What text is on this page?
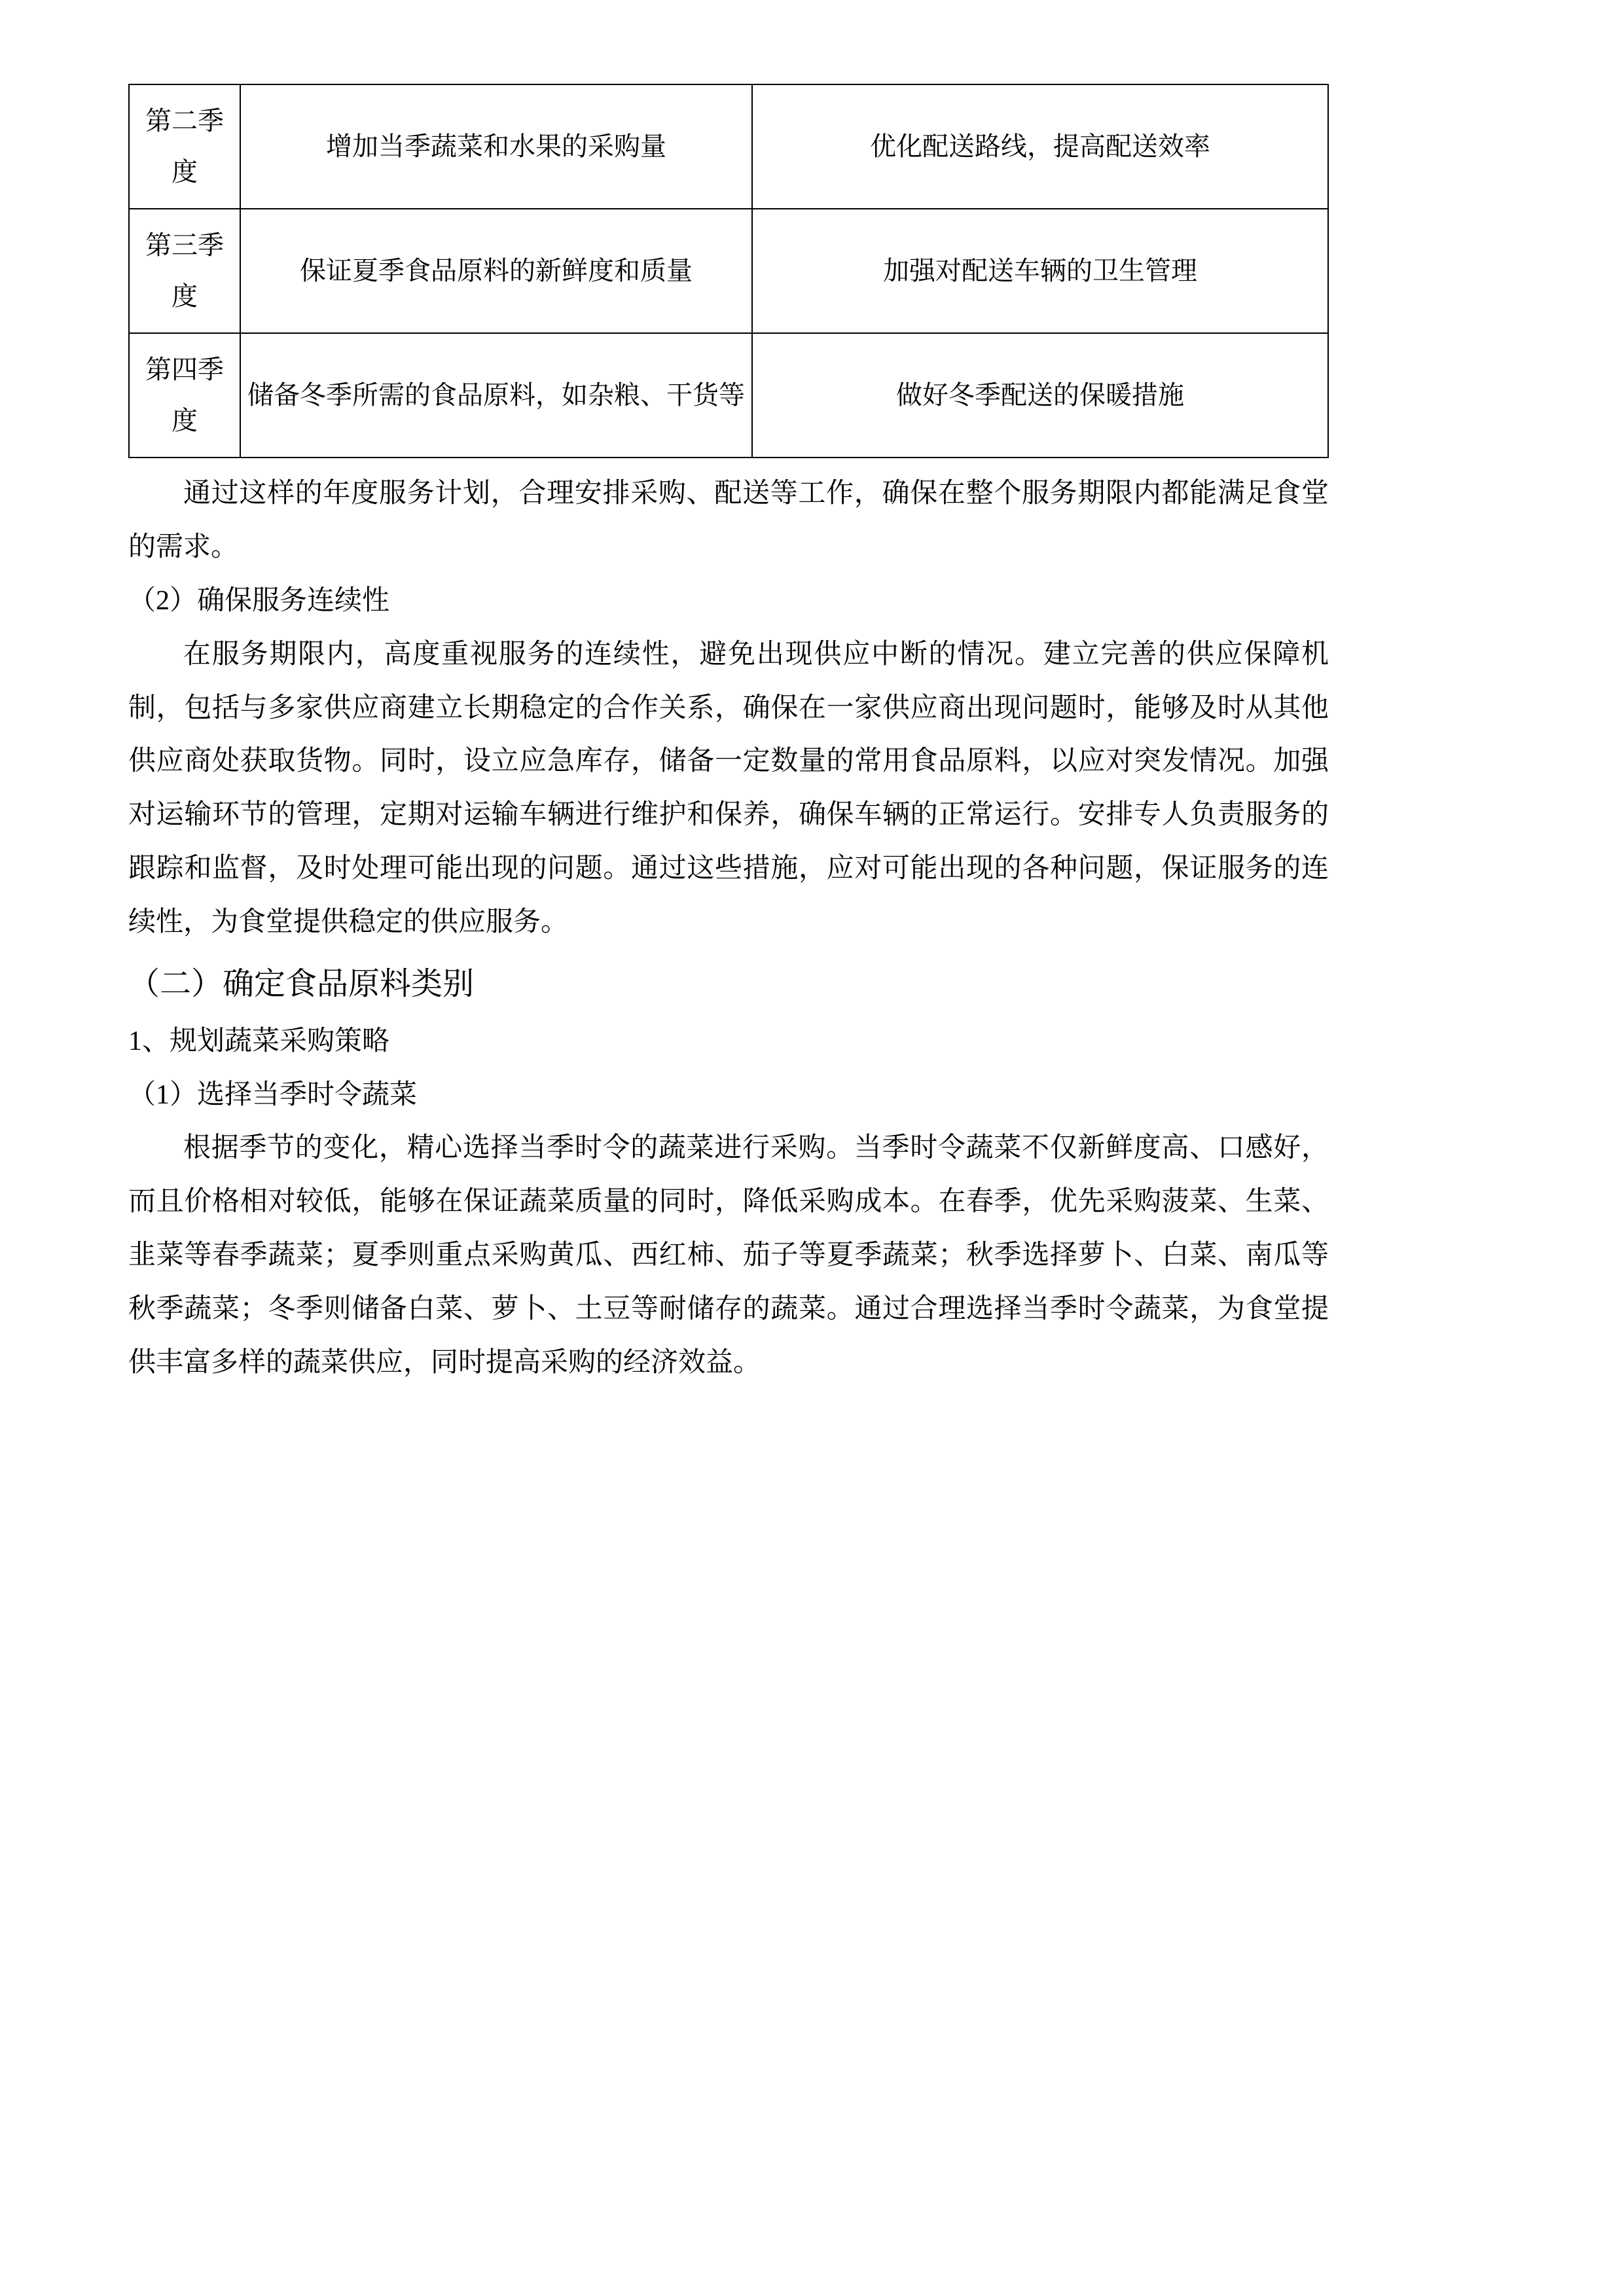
第二季度	增加当季蔬菜和水果的采购量	优化配送路线，提高配送效率
第三季度	保证夏季食品原料的新鲜度和质量	加强对配送车辆的卫生管理
第四季度	储备冬季所需的食品原料，如杂粮、干货等	做好冬季配送的保暖措施

通过这样的年度服务计划，合理安排采购、配送等工作，确保在整个服务期限内都能满足食堂的需求。

（2）确保服务连续性

在服务期限内，高度重视服务的连续性，避免出现供应中断的情况。建立完善的供应保障机制，包括与多家供应商建立长期稳定的合作关系，确保在一家供应商出现问题时，能够及时从其他供应商处获取货物。同时，设立应急库存，储备一定数量的常用食品原料，以应对突发情况。加强对运输环节的管理，定期对运输车辆进行维护和保养，确保车辆的正常运行。安排专人负责服务的跟踪和监督，及时处理可能出现的问题。通过这些措施，应对可能出现的各种问题，保证服务的连续性，为食堂提供稳定的供应服务。

（二）确定食品原料类别
1、规划蔬菜采购策略
（1）选择当季时令蔬菜

根据季节的变化，精心选择当季时令的蔬菜进行采购。当季时令蔬菜不仅新鲜度高、口感好，而且价格相对较低，能够在保证蔬菜质量的同时，降低采购成本。在春季，优先采购菠菜、生菜、韭菜等春季蔬菜；夏季则重点采购黄瓜、西红柿、茄子等夏季蔬菜；秋季选择萝卜、白菜、南瓜等秋季蔬菜；冬季则储备白菜、萝卜、土豆等耐储存的蔬菜。通过合理选择当季时令蔬菜，为食堂提供丰富多样的蔬菜供应，同时提高采购的经济效益。
